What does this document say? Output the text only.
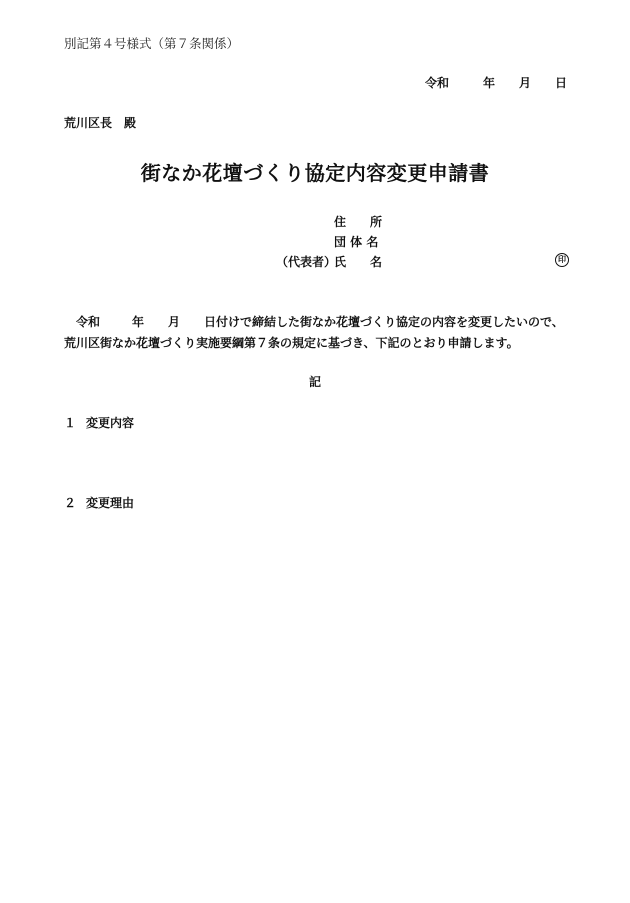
別記第４号様式（第７条関係）
令和	年 月 日
荒川区長　殿
街なか花壇づくり協定内容変更申請書
住　　所
団 体 名
（代表者）氏　　名	印
令和	年 月 日付けで締結した街なか花壇づくり協定の内容を変更したいので、荒川区街なか花壇づくり実施要綱第７条の規定に基づき、下記のとおり申請します。
記
１ 変更内容
２ 変更理由
